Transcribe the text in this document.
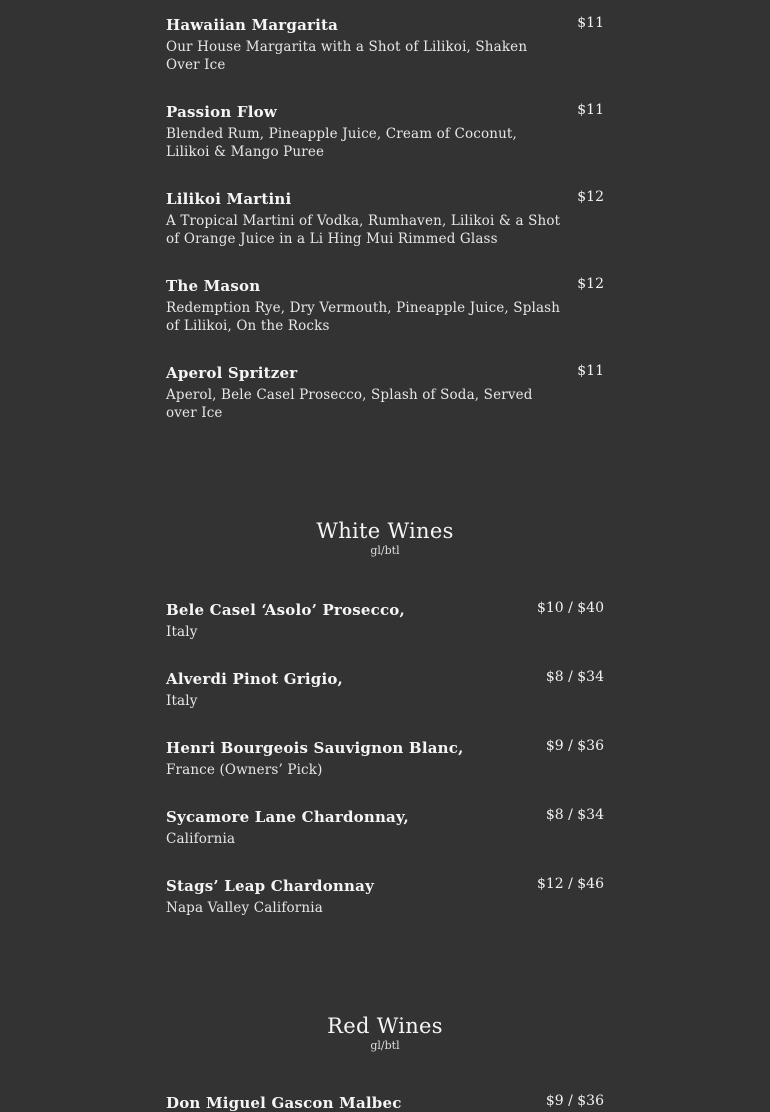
Hawaiian Margarita
Our House Margarita with a Shot of Lilikoi, Shaken Over Ice
$11
Passion Flow
Blended Rum, Pineapple Juice, Cream of Coconut, Lilikoi & Mango Puree
$11
Lilikoi Martini
A Tropical Martini of Vodka, Rumhaven, Lilikoi & a Shot of Orange Juice in a Li Hing Mui Rimmed Glass
$12
The Mason
Redemption Rye, Dry Vermouth, Pineapple Juice, Splash of Lilikoi, On the Rocks
$12
Aperol Spritzer
Aperol, Bele Casel Prosecco, Splash of Soda, Served over Ice
$11
White Wines
gl/btl
Bele Casel ‘Asolo’ Prosecco,
Italy
$10 / $40
Alverdi Pinot Grigio,
Italy
$8 / $34
Henri Bourgeois Sauvignon Blanc,
France (Owners’ Pick)
$9 / $36
Sycamore Lane Chardonnay,
California
$8 / $34
Stags’ Leap Chardonnay
Napa Valley California
$12 / $46
Red Wines
gl/btl
Don Miguel Gascon Malbec	$9 / $36
